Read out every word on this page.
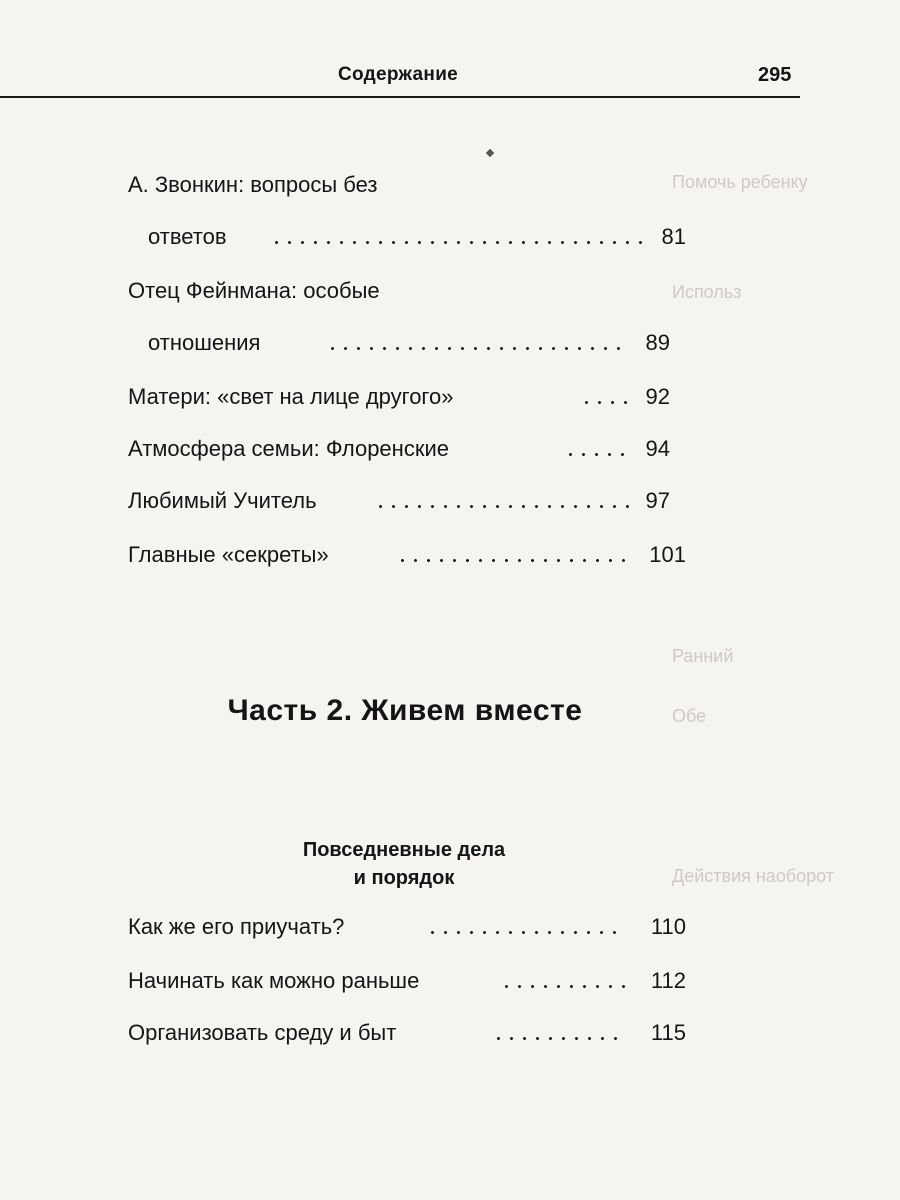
Помочь ребенку
Использ
Ранний
Обе
Действия наоборот
Содержание	295
А. Звонкин: вопросы без
ответов	81
Отец Фейнмана: особые
отношения	89
Матери: «свет на лице другого»	92
Атмосфера семьи: Флоренские	94
Любимый Учитель	97
Главные «секреты»	101
Часть 2. Живем вместе
Повседневные дела
и порядок
Как же его приучать?	110
Начинать как можно раньше	112
Организовать среду и быт	115
